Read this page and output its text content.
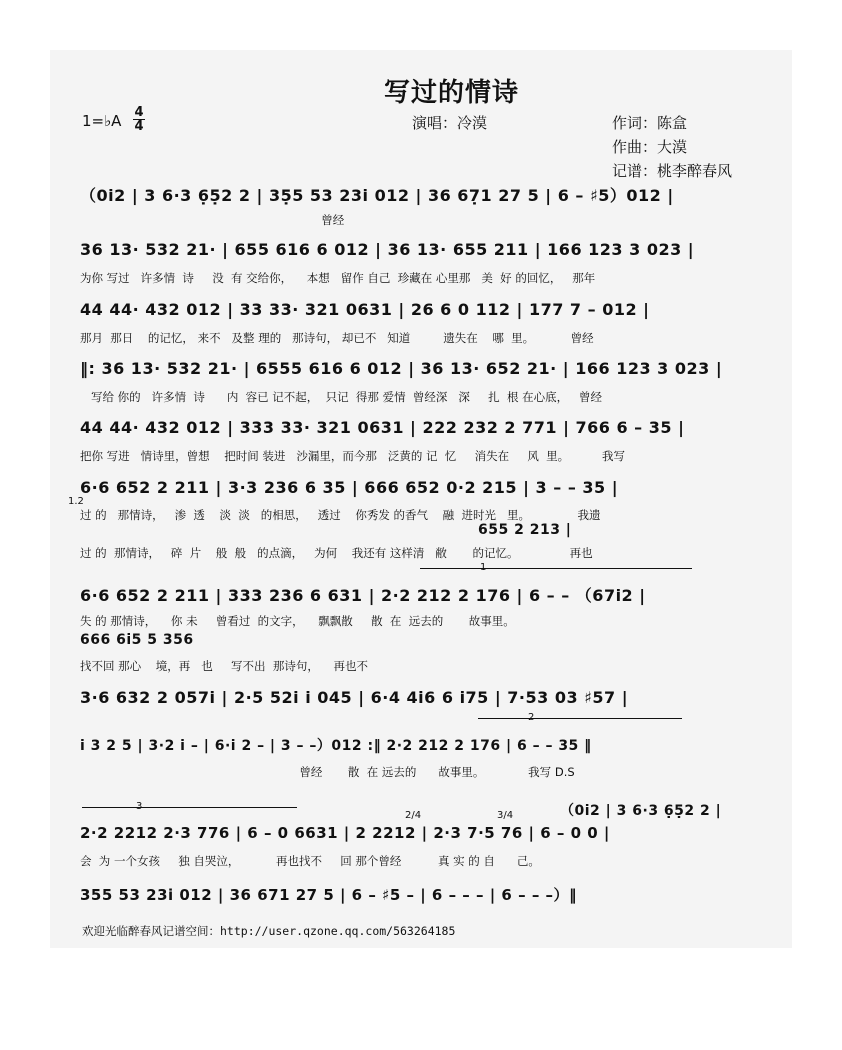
写过的情诗
1=♭A 4
4	演唱：冷漠	作词：陈盒
作曲：大漠
记谱：桃李醉春风
（0i2 | 3 6·3 6̣5̣2 2 | 35̣5 53 23i 012 | 36 67̣1 27 5 | 6 – ♯5）012 |
曾经
36 13· 532 21· | 655 616 6 012 | 36 13· 655 211 | 166 123 3 023 |
为你 写过   许多情  诗     没  有 交给你，    本想   留作 自己  珍藏在 心里那   美  好 的回忆，   那年
44 44· 432 012 | 33 33· 321 0631 | 26 6 0 112 | 177 7 – 012 |
那月  那日    的记忆， 来不   及整 理的   那诗句， 却已不   知道         遗失在    哪  里。          曾经
‖: 36 13· 532 21· | 6555 616 6 012 | 36 13· 652 21· | 166 123 3 023 |
写给 你的   许多情  诗      内  容已 记不起，  只记  得那 爱情  曾经深   深     扎  根 在心底，   曾经
44 44· 432 012 | 333 33· 321 0631 | 222 232 2 771 | 766 6 – 35 |
把你 写进   情诗里，曾想    把时间 装进   沙漏里，而今那   泛黄的 记  忆     消失在     风  里。         我写
1.2
6·6 652 2 211 | 3·3 236 6 35 | 666 652 0·2 215 | 3 – – 35 |
过 的   那情诗，   渗  透    淡  淡   的相思，   透过    你秀发 的香气    融  进时光   里。             我遗
655 2 213 |
过 的  那情诗，   碎  片    般  般   的点滴，   为何    我还有 这样清   敝       的记忆。              再也
1
6·6 652 2 211 | 333 236 6 631 | 2·2 212 2 176 | 6 – – （67i2 |
失 的 那情诗，    你 未     曾看过  的文字，    飘飘散     散  在  远去的       故事里。
666 6i5 5 356
找不回 那心    境，再   也     写不出  那诗句，    再也不
3·6 632 2 057i | 2·5 52i i 045 | 6·4 4i6 6 i75 | 7·53 03 ♯57 |
2
i 3 2 5 | 3·2 i – | 6·i 2 – | 3 – –）012 :‖ 2·2 212 2 176 | 6 – – 35 ‖
曾经       散  在 远去的      故事里。            我写 D.S
3
2/4	3/4	（0i2 | 3 6·3 6̣5̣2 2 |
2·2 2212 2·3 776 | 6 – 0 6631 | 2 2212 | 2·3 7·5 76 | 6 – 0 0 |
会  为 一个女孩     独 自哭泣，          再也找不     回 那个曾经          真 实 的 自      己。
355 53 23i 012 | 36 671 27 5 | 6 – ♯5 – | 6 – – – | 6 – – –）‖
欢迎光临醉春风记谱空间：http://user.qzone.qq.com/563264185
